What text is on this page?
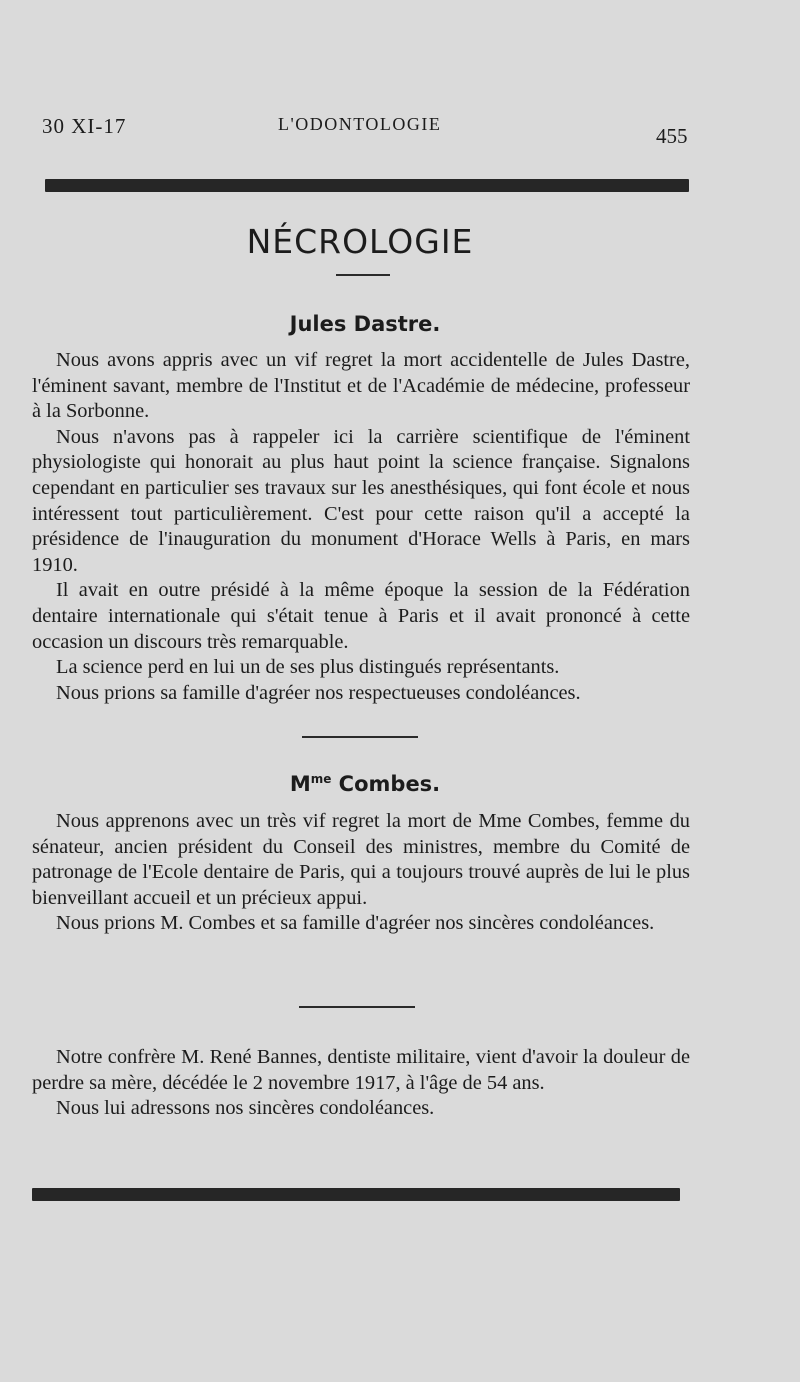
30 XI-17	L'ODONTOLOGIE	455
NÉCROLOGIE
Jules Dastre.

Nous avons appris avec un vif regret la mort accidentelle de Jules Dastre, l'éminent savant, membre de l'Institut et de l'Académie de médecine, professeur à la Sorbonne.

Nous n'avons pas à rappeler ici la carrière scientifique de l'éminent physiologiste qui honorait au plus haut point la science française. Signalons cependant en particulier ses travaux sur les anesthésiques, qui font école et nous intéressent tout particulièrement. C'est pour cette raison qu'il a accepté la présidence de l'inauguration du monument d'Horace Wells à Paris, en mars 1910.

Il avait en outre présidé à la même époque la session de la Fédération dentaire internationale qui s'était tenue à Paris et il avait prononcé à cette occasion un discours très remarquable.

La science perd en lui un de ses plus distingués représentants.

Nous prions sa famille d'agréer nos respectueuses condoléances.

$M^{me}$ Combes.

Nous apprenons avec un très vif regret la mort de Mme Combes, femme du sénateur, ancien président du Conseil des ministres, membre du Comité de patronage de l'Ecole dentaire de Paris, qui a toujours trouvé auprès de lui le plus bienveillant accueil et un précieux appui.

Nous prions M. Combes et sa famille d'agréer nos sincères condoléances.

Notre confrère M. René Bannes, dentiste militaire, vient d'avoir la douleur de perdre sa mère, décédée le 2 novembre 1917, à l'âge de 54 ans.

Nous lui adressons nos sincères condoléances.
